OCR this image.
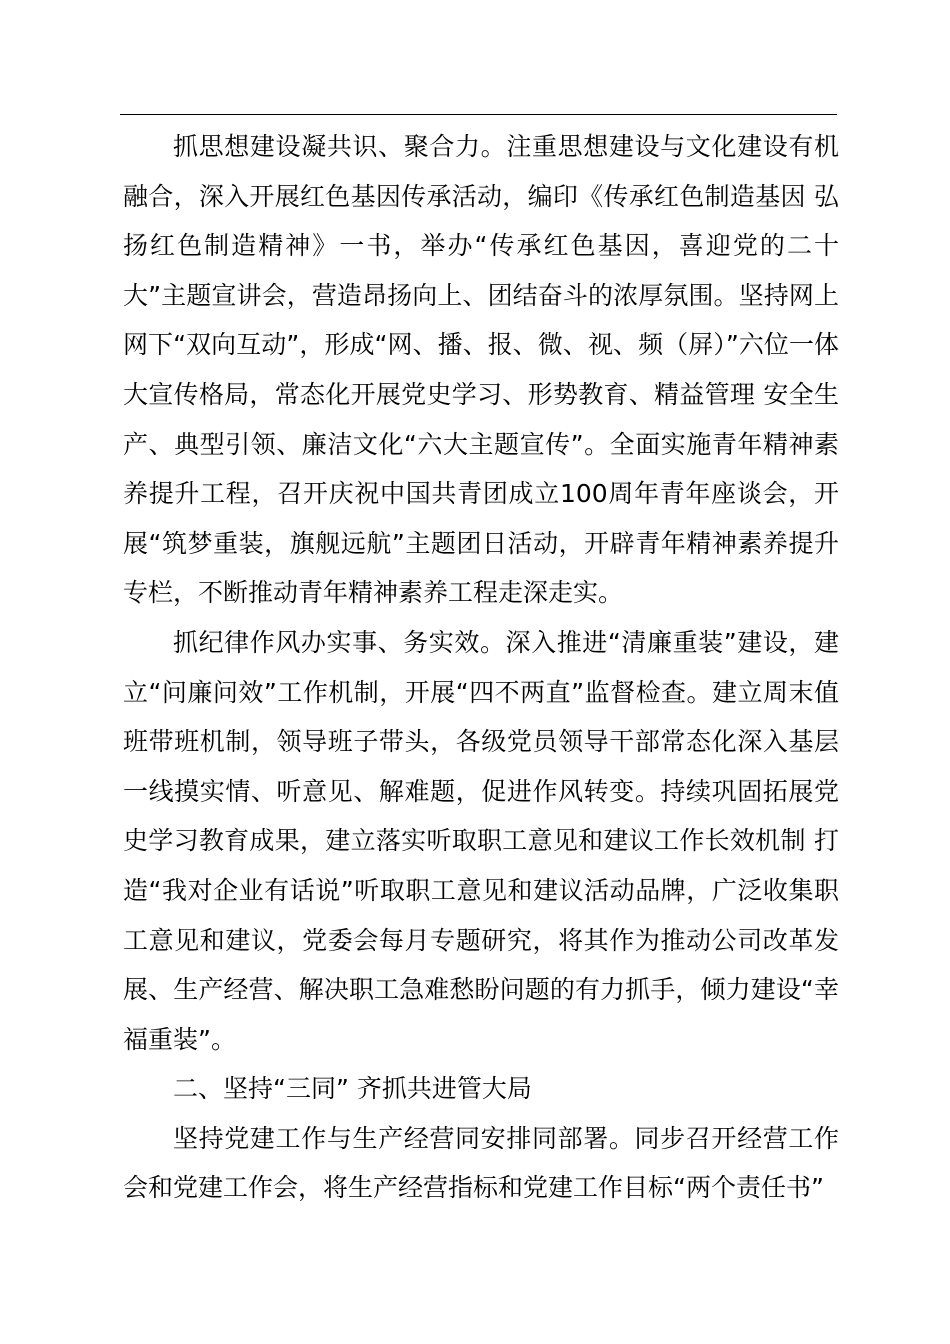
抓思想建设凝共识、聚合力。注重思想建设与文化建设有机融合，深入开展红色基因传承活动，编印《传承红色制造基因 弘扬红色制造精神》一书，举办“传承红色基因，喜迎党的二十大”主题宣讲会，营造昂扬向上、团结奋斗的浓厚氛围。坚持网上网下“双向互动”，形成“网、播、报、微、视、频（屏）”六位一体大宣传格局，常态化开展党史学习、形势教育、精益管理 安全生产、典型引领、廉洁文化“六大主题宣传”。全面实施青年精神素养提升工程，召开庆祝中国共青团成立100周年青年座谈会，开展“筑梦重装，旗舰远航”主题团日活动，开辟青年精神素养提升专栏，不断推动青年精神素养工程走深走实。

抓纪律作风办实事、务实效。深入推进“清廉重装”建设，建立“问廉问效”工作机制，开展“四不两直”监督检查。建立周末值班带班机制，领导班子带头，各级党员领导干部常态化深入基层一线摸实情、听意见、解难题，促进作风转变。持续巩固拓展党史学习教育成果，建立落实听取职工意见和建议工作长效机制 打造“我对企业有话说”听取职工意见和建议活动品牌，广泛收集职工意见和建议，党委会每月专题研究，将其作为推动公司改革发展、生产经营、解决职工急难愁盼问题的有力抓手，倾力建设“幸福重装”。

二、坚持“三同” 齐抓共进管大局

坚持党建工作与生产经营同安排同部署。同步召开经营工作会和党建工作会，将生产经营指标和党建工作目标“两个责任书”
